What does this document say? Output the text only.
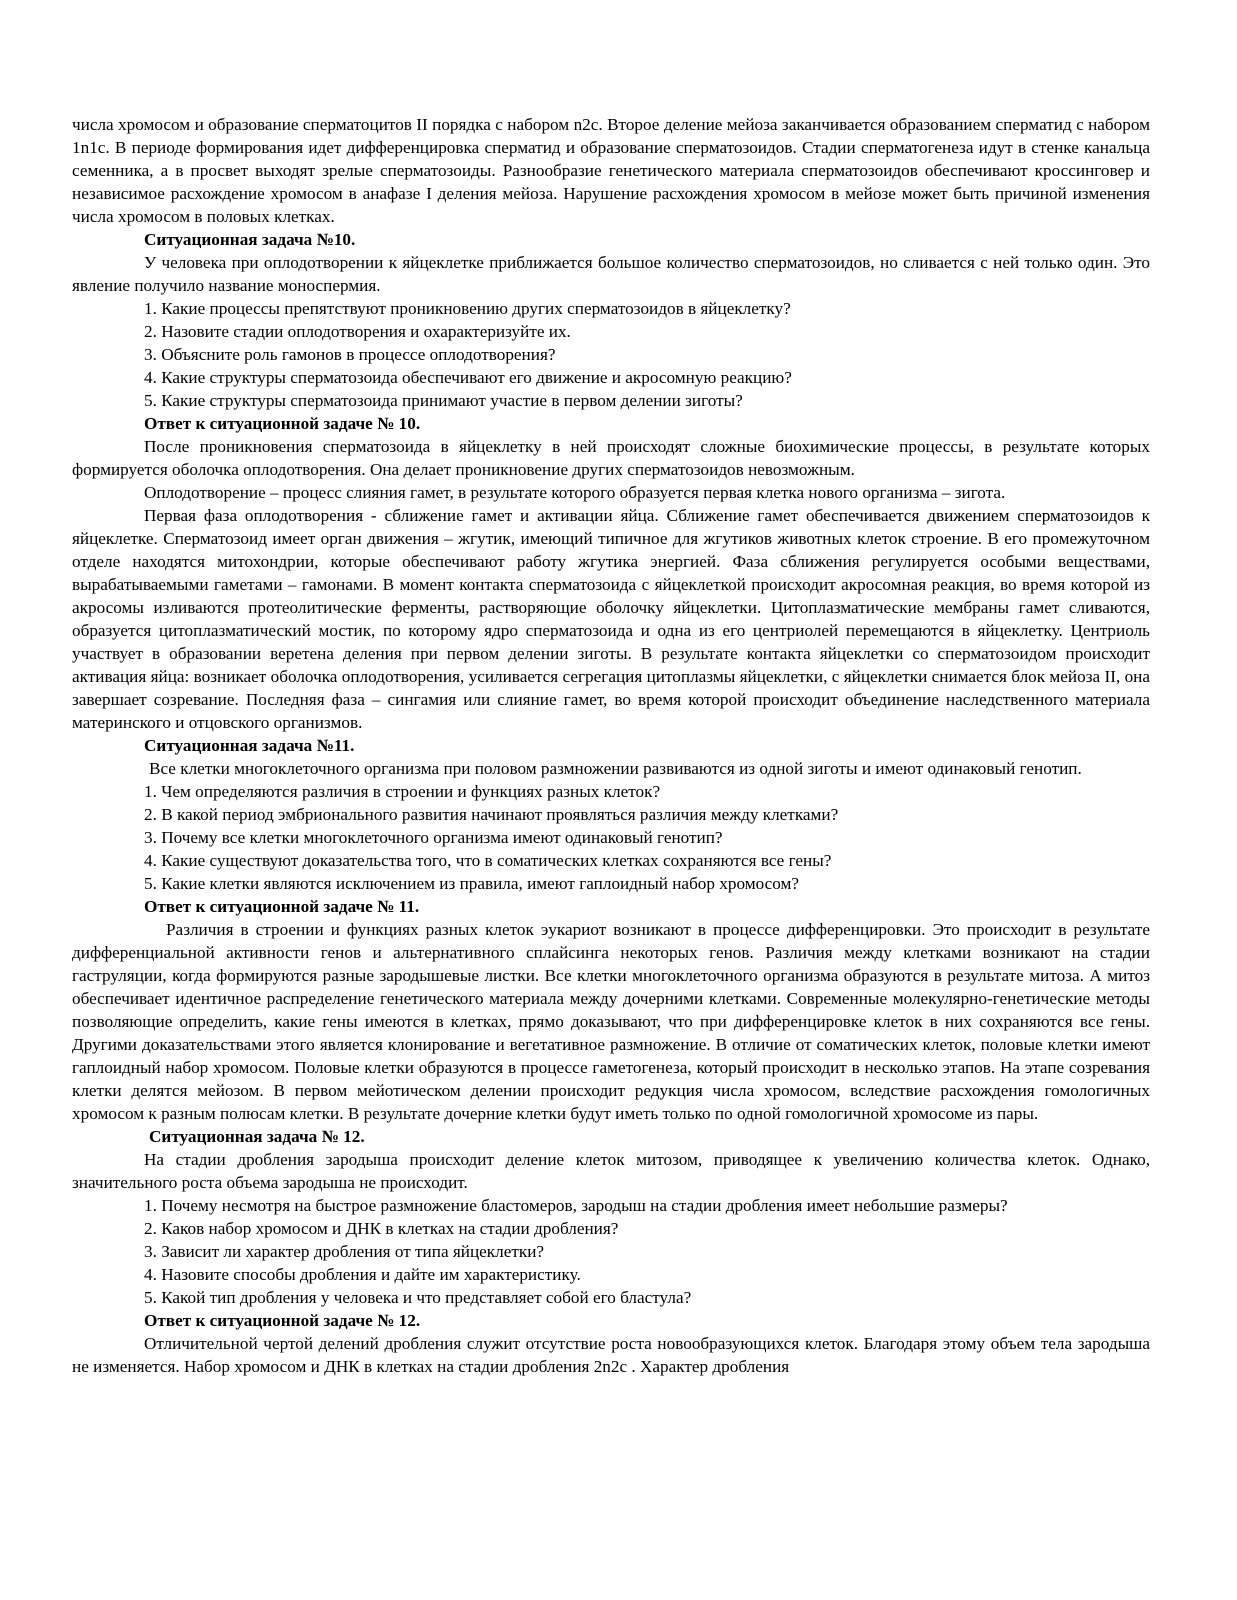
числа хромосом и образование сперматоцитов II порядка с набором n2c. Второе деление мейоза заканчивается образованием сперматид с набором 1n1c. В периоде формирования идет дифференцировка сперматид и образование сперматозоидов. Стадии сперматогенеза идут в стенке канальца семенника, а в просвет выходят зрелые сперматозоиды. Разнообразие генетического материала сперматозоидов обеспечивают кроссинговер и независимое расхождение хромосом в анафазе I деления мейоза. Нарушение расхождения хромосом в мейозе может быть причиной изменения числа хромосом в половых клетках.

Ситуационная задача №10.

У человека при оплодотворении к яйцеклетке приближается большое количество сперматозоидов, но сливается с ней только один. Это явление получило название моноспермия.

1. Какие процессы препятствуют проникновению других сперматозоидов в яйцеклетку?
2. Назовите стадии оплодотворения и охарактеризуйте их.
3. Объясните роль гамонов в процессе оплодотворения?
4. Какие структуры сперматозоида обеспечивают его движение и акросомную реакцию?
5. Какие структуры сперматозоида принимают участие в первом делении зиготы?
Ответ к ситуационной задаче № 10.

После проникновения сперматозоида в яйцеклетку в ней происходят сложные биохимические процессы, в результате которых формируется оболочка оплодотворения. Она делает проникновение других сперматозоидов невозможным.

Оплодотворение – процесс слияния гамет, в результате которого образуется первая клетка нового организма – зигота.

Первая фаза оплодотворения - сближение гамет и активации яйца. Сближение гамет обеспечивается движением сперматозоидов к яйцеклетке. Сперматозоид имеет орган движения – жгутик, имеющий типичное для жгутиков животных клеток строение. В его промежуточном отделе находятся митохондрии, которые обеспечивают работу жгутика энергией. Фаза сближения регулируется особыми веществами, вырабатываемыми гаметами – гамонами. В момент контакта сперматозоида с яйцеклеткой происходит акросомная реакция, во время которой из акросомы изливаются протеолитические ферменты, растворяющие оболочку яйцеклетки. Цитоплазматические мембраны гамет сливаются, образуется цитоплазматический мостик, по которому ядро сперматозоида и одна из его центриолей перемещаются в яйцеклетку. Центриоль участвует в образовании веретена деления при первом делении зиготы. В результате контакта яйцеклетки со сперматозоидом происходит активация яйца: возникает оболочка оплодотворения, усиливается сегрегация цитоплазмы яйцеклетки, с яйцеклетки снимается блок мейоза II, она завершает созревание. Последняя фаза – сингамия или слияние гамет, во время которой происходит объединение наследственного материала материнского и отцовского организмов.

Ситуационная задача №11.

Все клетки многоклеточного организма при половом размножении развиваются из одной зиготы и имеют одинаковый генотип.

1. Чем определяются различия в строении и функциях разных клеток?
2. В какой период эмбрионального развития начинают проявляться различия между клетками?
3. Почему все клетки многоклеточного организма имеют одинаковый генотип?
4. Какие существуют доказательства того, что в соматических клетках сохраняются все гены?
5. Какие клетки являются исключением из правила, имеют гаплоидный набор хромосом?
Ответ к ситуационной задаче № 11.

Различия в строении и функциях разных клеток эукариот возникают в процессе дифференцировки. Это происходит в результате дифференциальной активности генов и альтернативного сплайсинга некоторых генов. Различия между клетками возникают на стадии гаструляции, когда формируются разные зародышевые листки. Все клетки многоклеточного организма образуются в результате митоза. А митоз обеспечивает идентичное распределение генетического материала между дочерними клетками. Современные молекулярно-генетические методы позволяющие определить, какие гены имеются в клетках, прямо доказывают, что при дифференцировке клеток в них сохраняются все гены. Другими доказательствами этого является клонирование и вегетативное размножение. В отличие от соматических клеток, половые клетки имеют гаплоидный набор хромосом. Половые клетки образуются в процессе гаметогенеза, который происходит в несколько этапов. На этапе созревания клетки делятся мейозом. В первом мейотическом делении происходит редукция числа хромосом, вследствие расхождения гомологичных хромосом к разным полюсам клетки. В результате дочерние клетки будут иметь только по одной гомологичной хромосоме из пары.

Ситуационная задача № 12.

На стадии дробления зародыша происходит деление клеток митозом, приводящее к увеличению количества клеток. Однако, значительного роста объема зародыша не происходит.

1. Почему несмотря на быстрое размножение бластомеров, зародыш на стадии дробления имеет небольшие размеры?
2. Каков набор хромосом и ДНК в клетках на стадии дробления?
3. Зависит ли характер дробления от типа яйцеклетки?
4. Назовите способы дробления и дайте им характеристику.
5. Какой тип дробления у человека и что представляет собой его бластула?
Ответ к ситуационной задаче № 12.

Отличительной чертой делений дробления служит отсутствие роста новообразующихся клеток. Благодаря этому объем тела зародыша не изменяется. Набор хромосом и ДНК в клетках на стадии дробления 2n2c . Характер дробления
